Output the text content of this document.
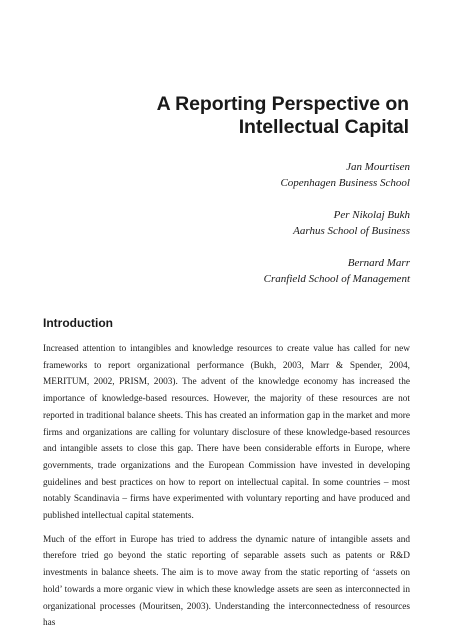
A Reporting Perspective on
Intellectual Capital
Jan Mourtisen
Copenhagen Business School
Per Nikolaj Bukh
Aarhus School of Business
Bernard Marr
Cranfield School of Management
Introduction

Increased attention to intangibles and knowledge resources to create value has called for new frameworks to report organizational performance (Bukh, 2003, Marr & Spender, 2004, MERITUM, 2002, PRISM, 2003). The advent of the knowledge economy has increased the importance of knowledge-based resources. However, the majority of these resources are not reported in traditional balance sheets. This has created an information gap in the market and more firms and organizations are calling for voluntary disclosure of these knowledge-based resources and intangible assets to close this gap. There have been considerable efforts in Europe, where governments, trade organizations and the European Commission have invested in developing guidelines and best practices on how to report on intellectual capital. In some countries – most notably Scandinavia – firms have experimented with voluntary reporting and have produced and published intellectual capital statements.

Much of the effort in Europe has tried to address the dynamic nature of intangible assets and therefore tried go beyond the static reporting of separable assets such as patents or R&D investments in balance sheets. The aim is to move away from the static reporting of ‘assets on hold’ towards a more organic view in which these knowledge assets are seen as interconnected in organizational processes (Mouritsen, 2003). Understanding the interconnectedness of resources has
